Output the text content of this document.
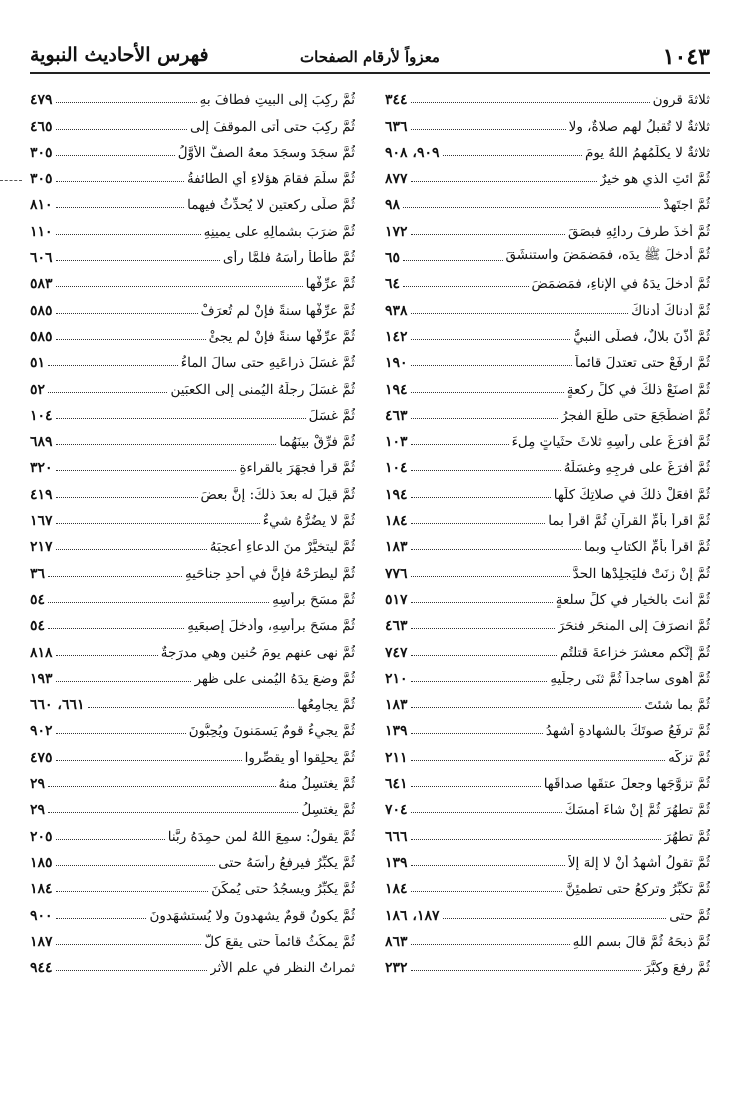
١٠٤٣
معزواً لأرقام الصفحات
فهرس الأحاديث النبوية
ثلاثةَ قرون
٣٤٤
ثلاثةٌ لا تُقبلُ لهم صلاةٌ، ولا
٦٣٦
ثلاثةٌ لا يكلِّمُهمُ اللهُ يومَ
٩٠٩، ٩٠٨
ثُمَّ ائتِ الذي هو خيرٌ
٨٧٧
ثُمَّ اجتَهِدْ
٩٨
ثُمَّ أخذَ طرفَ ردائِهِ فبصَقَ
١٧٢
ثُمَّ أدخلَ ﷺ يدَه، فمَضمَضَ واستنشَقَ
٦٥
ثُمَّ أدخلَ يدَهُ في الإناءِ، فمَضمَضَ
٦٤
ثُمَّ أدناكَ أدناكَ
٩٣٨
ثُمَّ أذَّنَ بلالٌ، فصلَّى النبيُّ
١٤٢
ثُمَّ ارفَعْ حتى تعتدلَ قائماً
١٩٠
ثُمَّ اصنَعْ ذلكَ في كلِّ ركعةٍ
١٩٤
ثُمَّ اضطَجَعَ حتى طلَعَ الفجرُ
٤٦٣
ثُمَّ أفرَغَ على رأسِهِ ثلاثَ حثَياتٍ مِلءَ
١٠٣
ثُمَّ أفرَغَ على فرجِهِ وغسَلَهُ
١٠٤
ثُمَّ افعَلْ ذلكَ في صلاتِكَ كلِّها
١٩٤
ثُمَّ اقرأْ بأُمِّ القرآنِ ثُمَّ اقرأْ بما
١٨٤
ثُمَّ اقرأْ بأُمِّ الكتابِ وبما
١٨٣
ثُمَّ إنْ زنَتْ فليَجلِدْها الحدَّ
٧٧٦
ثُمَّ أنتَ بالخيارِ في كلِّ سلعةٍ
٥١٧
ثُمَّ انصرَفَ إلى المنحَرِ فنحَرَ
٤٦٣
ثُمَّ إنَّكم معشرَ خزاعةَ قتلتُم
٧٤٧
ثُمَّ أهوى ساجداً ثُمَّ ثنَى رِجلَيهِ
٢١٠
ثُمَّ بما شئتَ
١٨٣
ثُمَّ ترفَعُ صوتَكَ بالشهادةِ أشهدُ
١٣٩
ثُمَّ تزكَّه
٢١١
ثُمَّ تزوَّجَها وجعلَ عتقَها صداقَها
٦٤١
ثُمَّ تطهُرَ ثُمَّ إنْ شاءَ أمسَكَ
٧٠٤
ثُمَّ تطهُرَ
٦٦٦
ثُمَّ تقولُ أشهدُ أنْ لا إلهَ إلاَّ
١٣٩
ثُمَّ تكبِّرُ وتركعُ حتى تطمئِنَّ
١٨٤
ثُمَّ حتى
١٨٧، ١٨٦
ثُمَّ ذبحَهُ ثُمَّ قالَ بسمِ اللهِ
٨٦٣
ثُمَّ رفعَ وكبَّرَ
٢٣٢
ثُمَّ ركِبَ إلى البيتِ فطافَ بهِ
٤٧٩
ثُمَّ ركِبَ حتى أتى الموقفَ إلى
٤٦٥
ثُمَّ سجَدَ وسجَدَ معهُ الصفُّ الأوَّلُ
٣٠٥
ثُمَّ سلَّمَ فقامَ هؤلاءِ أي الطائفةُ
٣٠٥
ثُمَّ صلَّى ركعتينِ لا يُحدِّثُ فيهِما
٨١٠
ثُمَّ ضرَبَ بشمالِهِ على يمينِهِ
١١٠
ثُمَّ طأطأ رأسَهُ فلمَّا رأى
٦٠٦
ثُمَّ عرِّفْها
٥٨٣
ثُمَّ عرِّفْها سنةً فإنْ لم تُعرَفْ
٥٨٥
ثُمَّ عرِّفْها سنةً فإنْ لم يجئْ
٥٨٥
ثُمَّ غسَلَ ذراعَيهِ حتى سالَ الماءُ
٥١
ثُمَّ غسَلَ رجلَهُ اليُمنى إلى الكعبَينِ
٥٢
ثُمَّ غسَلَ
١٠٤
ثُمَّ فرِّقْ بينَهُما
٦٨٩
ثُمَّ قرأَ فجهَرَ بالقراءةِ
٣٢٠
ثُمَّ قيلَ له بعدَ ذلكَ: إنَّ بعضَ
٤١٩
ثُمَّ لا يضُرُّهُ شيءٌ
١٦٧
ثُمَّ ليتخيَّرْ منَ الدعاءِ أعجبَهُ
٢١٧
ثُمَّ ليطرَحْهُ فإنَّ في أحدِ جناحَيهِ
٣٦
ثُمَّ مسَحَ برأسِهِ
٥٤
ثُمَّ مسَحَ برأسِهِ، وأدخلَ إصبعَيهِ
٥٤
ثُمَّ نهى عنهم يومَ حُنينٍ وهي مدرَجةٌ
٨١٨
ثُمَّ وضعَ يدَهُ اليُمنى على ظهرِ
١٩٣
ثُمَّ يجامِعُها
٦٦١، ٦٦٠
ثُمَّ يجيءُ قومٌ يَسمَنونَ ويُحِبُّونَ
٩٠٢
ثُمَّ يحلِقوا أو يقصِّروا
٤٧٥
ثُمَّ يغتسِلُ منهُ
٢٩
ثُمَّ يغتسِلُ
٢٩
ثُمَّ يقولُ: سمِعَ اللهُ لمن حمِدَهُ ربَّنا
٢٠٥
ثُمَّ يكبِّرُ فيرفعُ رأسَهُ حتى
١٨٥
ثُمَّ يكبِّرُ ويسجُدُ حتى يُمكِّنَ
١٨٤
ثُمَّ يكونُ قومٌ يشهدونَ ولا يُستشهَدونَ
٩٠٠
ثُمَّ يمكُثُ قائماً حتى يقعَ كلُّ
١٨٧
ثمراتُ النظرِ في علمِ الأثرِ
٩٤٤
